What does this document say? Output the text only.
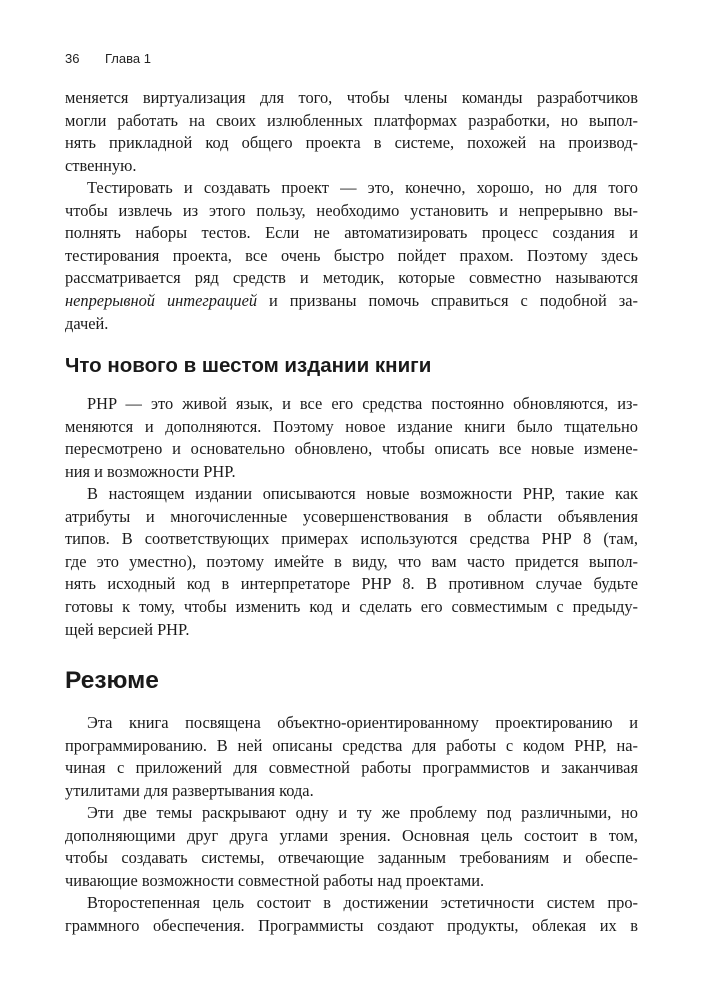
36 Глава 1
меняется виртуализация для того, чтобы члены команды разработчиков
могли работать на своих излюбленных платформах разработки, но выпол-
нять прикладной код общего проекта в системе, похожей на производ-
ственную.
Тестировать и создавать проект — это, конечно, хорошо, но для того
чтобы извлечь из этого пользу, необходимо установить и непрерывно вы-
полнять наборы тестов. Если не автоматизировать процесс создания и
тестирования проекта, все очень быстро пойдет прахом. Поэтому здесь
рассматривается ряд средств и методик, которые совместно называются
непрерывной интеграцией и призваны помочь справиться с подобной за-
дачей.
Что нового в шестом издании книги
PHP — это живой язык, и все его средства постоянно обновляются, из-
меняются и дополняются. Поэтому новое издание книги было тщательно
пересмотрено и основательно обновлено, чтобы описать все новые измене-
ния и возможности PHP.
В настоящем издании описываются новые возможности PHP, такие как
атрибуты и многочисленные усовершенствования в области объявления
типов. В соответствующих примерах используются средства PHP 8 (там,
где это уместно), поэтому имейте в виду, что вам часто придется выпол-
нять исходный код в интерпретаторе PHP 8. В противном случае будьте
готовы к тому, чтобы изменить код и сделать его совместимым с предыду-
щей версией PHP.
Резюме
Эта книга посвящена объектно-ориентированному проектированию и
программированию. В ней описаны средства для работы с кодом PHP, на-
чиная с приложений для совместной работы программистов и заканчивая
утилитами для развертывания кода.
Эти две темы раскрывают одну и ту же проблему под различными, но
дополняющими друг друга углами зрения. Основная цель состоит в том,
чтобы создавать системы, отвечающие заданным требованиям и обеспе-
чивающие возможности совместной работы над проектами.
Второстепенная цель состоит в достижении эстетичности систем про-
граммного обеспечения. Программисты создают продукты, облекая их в
